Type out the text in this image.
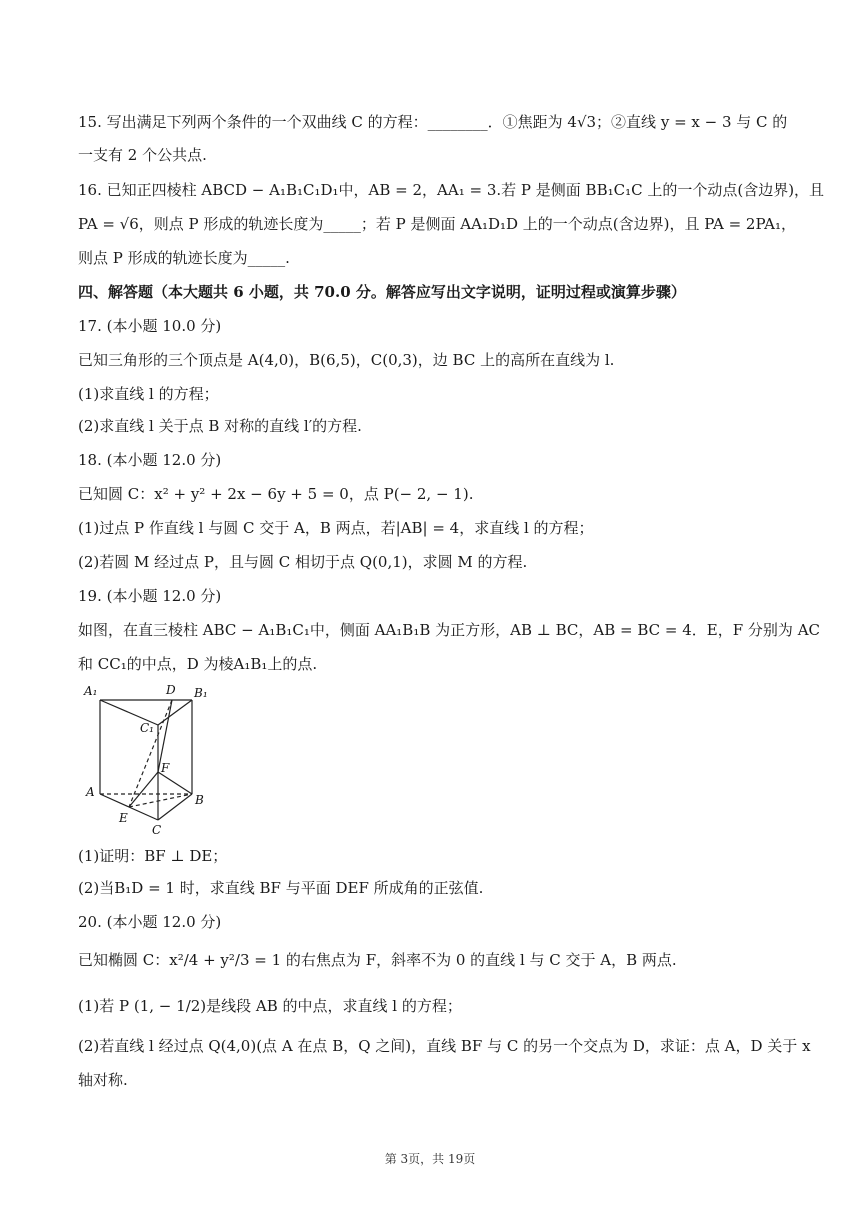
15. 写出满足下列两个条件的一个双曲线 C 的方程：________．①焦距为 4√3；②直线 y = x − 3 与 C 的
一支有 2 个公共点.
16. 已知正四棱柱 ABCD − A₁B₁C₁D₁中，AB = 2，AA₁ = 3.若 P 是侧面 BB₁C₁C 上的一个动点(含边界)，且
PA = √6，则点 P 形成的轨迹长度为_____；若 P 是侧面 AA₁D₁D 上的一个动点(含边界)，且 PA = 2PA₁，
则点 P 形成的轨迹长度为_____.
四、解答题（本大题共 6 小题，共 70.0 分。解答应写出文字说明，证明过程或演算步骤）
17. (本小题 10.0 分)
已知三角形的三个顶点是 A(4,0)，B(6,5)，C(0,3)，边 BC 上的高所在直线为 l.
(1)求直线 l 的方程；
(2)求直线 l 关于点 B 对称的直线 l′的方程.
18. (本小题 12.0 分)
已知圆 C：x² + y² + 2x − 6y + 5 = 0，点 P(− 2, − 1).
(1)过点 P 作直线 l 与圆 C 交于 A，B 两点，若|AB| = 4，求直线 l 的方程；
(2)若圆 M 经过点 P，且与圆 C 相切于点 Q(0,1)，求圆 M 的方程.
19. (本小题 12.0 分)
如图，在直三棱柱 ABC − A₁B₁C₁中，侧面 AA₁B₁B 为正方形，AB ⊥ BC，AB = BC = 4．E，F 分别为 AC
和 CC₁的中点，D 为棱A₁B₁上的点.
A₁	D B₁
C₁
F
A
B
E
C
(1)证明：BF ⊥ DE；
(2)当B₁D = 1 时，求直线 BF 与平面 DEF 所成角的正弦值.
20. (本小题 12.0 分)
已知椭圆 C：x²/4 + y²/3 = 1 的右焦点为 F，斜率不为 0 的直线 l 与 C 交于 A，B 两点.
(1)若 P (1, − 1/2)是线段 AB 的中点，求直线 l 的方程；
(2)若直线 l 经过点 Q(4,0)(点 A 在点 B，Q 之间)，直线 BF 与 C 的另一个交点为 D，求证：点 A，D 关于 x
轴对称.
第 3页，共 19页
